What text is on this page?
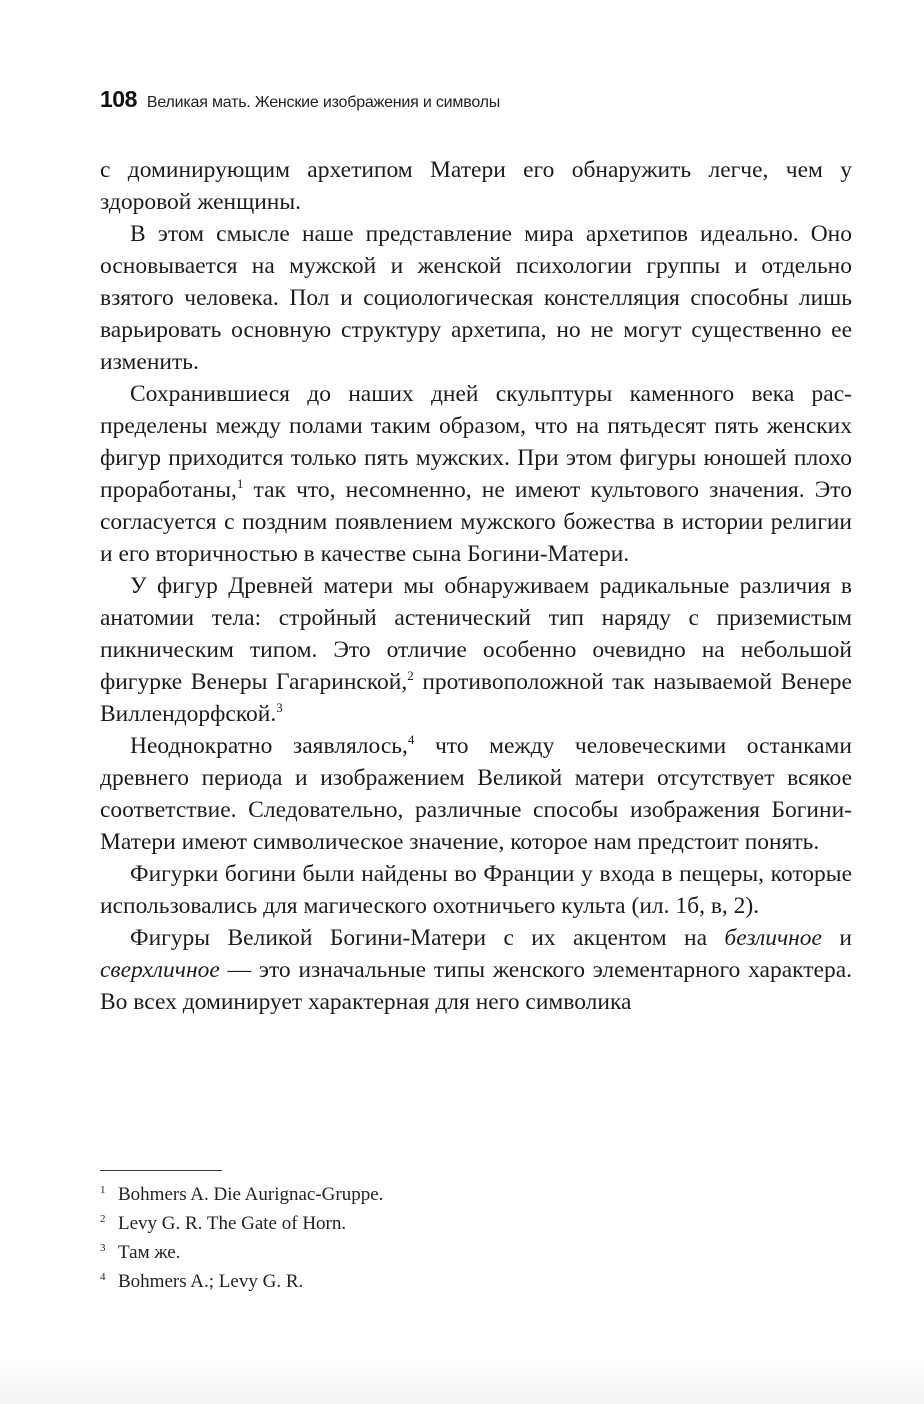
108 Великая мать. Женские изображения и символы

с доминирующим архетипом Матери его обнаружить легче, чем у здоровой женщины.

В этом смысле наше представление мира архетипов идеально. Оно основывается на мужской и женской психологии группы и отдельно взятого человека. Пол и социологическая констелляция способны лишь варьировать основную структуру архетипа, но не могут существенно ее изменить.

Сохранившиеся до наших дней скульптуры каменного века распределены между полами таким образом, что на пятьдесят пять женских фигур приходится только пять мужских. При этом фигуры юношей плохо проработаны,$^1$ так что, несомненно, не имеют культового значения. Это согласуется с поздним появлением мужского божества в истории религии и его вторичностью в качестве сына Богини-Матери.

У фигур Древней матери мы обнаруживаем радикальные различия в анатомии тела: стройный астенический тип наряду с приземистым пикническим типом. Это отличие особенно очевидно на небольшой фигурке Венеры Гагаринской,$^2$ противоположной так называемой Венере Виллендорфской.$^3$

Неоднократно заявлялось,$^4$ что между человеческими останками древнего периода и изображением Великой матери отсутствует всякое соответствие. Следовательно, различные способы изображения Богини-Матери имеют символическое значение, которое нам предстоит понять.

Фигурки богини были найдены во Франции у входа в пещеры, которые использовались для магического охотничьего культа (ил. 1б, в, 2).

Фигуры Великой Богини-Матери с их акцентом на безличное и сверхличное — это изначальные типы женского элементарного характера. Во всех доминирует характерная для него символика

1 Bohmers A. Die Aurignac-Gruppe.
2 Levy G. R. The Gate of Horn.
3 Там же.
4 Bohmers A.; Levy G. R.
